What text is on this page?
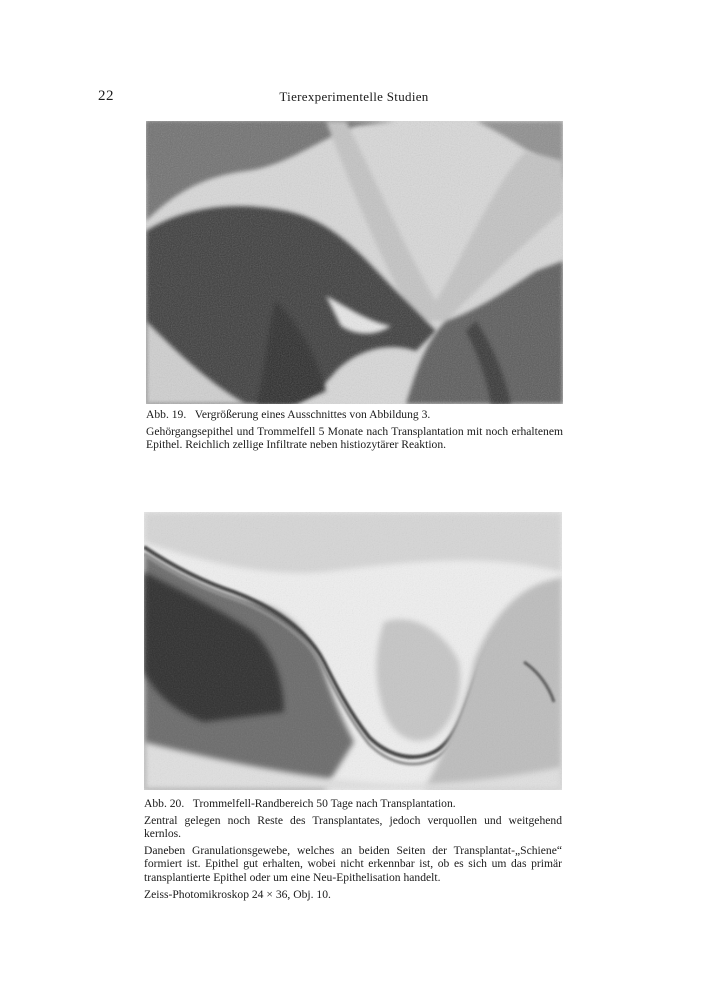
22	Tierexperimentelle Studien

Abb. 19. Vergrößerung eines Ausschnittes von Abbildung 3.

Gehörgangsepithel und Trommelfell 5 Monate nach Transplantation mit noch erhaltenem Epithel. Reichlich zellige Infiltrate neben histiozytärer Reaktion.

Abb. 20. Trommelfell-Randbereich 50 Tage nach Transplantation.

Zentral gelegen noch Reste des Transplantates, jedoch verquollen und weitgehend kernlos.

Daneben Granulationsgewebe, welches an beiden Seiten der Transplantat-„Schiene“ formiert ist. Epithel gut erhalten, wobei nicht erkennbar ist, ob es sich um das primär transplantierte Epithel oder um eine Neu-Epithelisation handelt.

Zeiss-Photomikroskop 24 × 36, Obj. 10.
